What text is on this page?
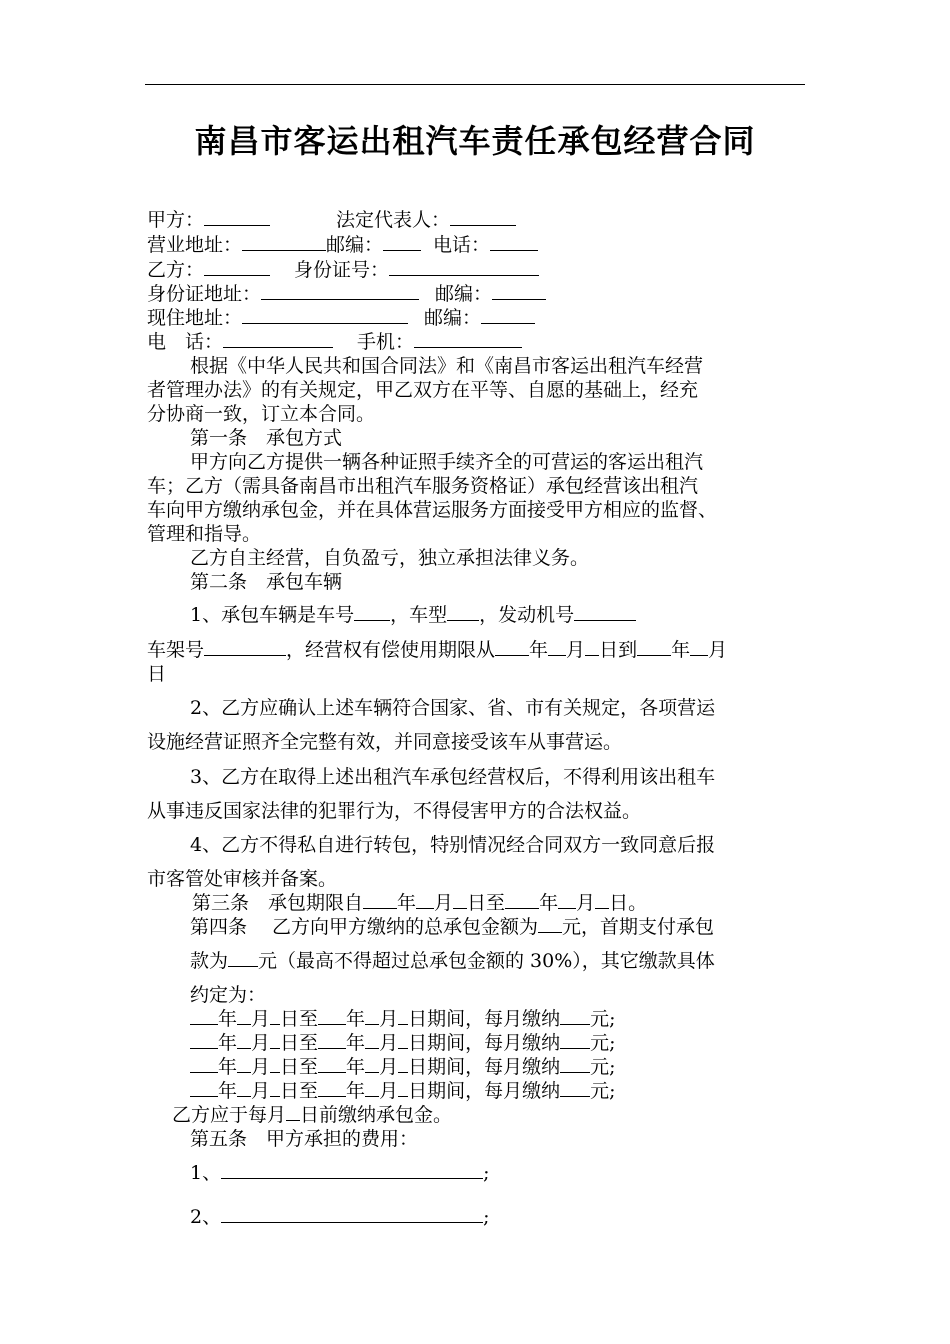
南昌市客运出租汽车责任承包经营合同
甲方：	法定代表人：
营业地址：	邮编：	电话：
乙方：	身份证号：
身份证地址：	邮编：
现住地址：	邮编：
电　话：	手机：
根据《中华人民共和国合同法》和《南昌市客运出租汽车经营
者管理办法》的有关规定，甲乙双方在平等、自愿的基础上，经充
分协商一致，订立本合同。
第一条　承包方式
甲方向乙方提供一辆各种证照手续齐全的可营运的客运出租汽
车；乙方（需具备南昌市出租汽车服务资格证）承包经营该出租汽
车向甲方缴纳承包金，并在具体营运服务方面接受甲方相应的监督、
管理和指导。
乙方自主经营，自负盈亏，独立承担法律义务。
第二条　承包车辆
1、承包车辆是车号 ，车型 ，发动机号
车架号	，经营权有偿使用期限从 年 月 日到 年 月
日
2、乙方应确认上述车辆符合国家、省、市有关规定，各项营运
设施经营证照齐全完整有效，并同意接受该车从事营运。
3、乙方在取得上述出租汽车承包经营权后，不得利用该出租车
从事违反国家法律的犯罪行为，不得侵害甲方的合法权益。
4、乙方不得私自进行转包，特别情况经合同双方一致同意后报
市客管处审核并备案。
第三条　承包期限自 年 月 日至 年 月 日。
第四条　 乙方向甲方缴纳的总承包金额为 元，首期支付承包
款为 元（最高不得超过总承包金额的 30%），其它缴款具体
约定为：
年 月 日至 年 月 日期间，每月缴纳 元;
年 月 日至 年 月 日期间，每月缴纳 元;
年 月 日至 年 月 日期间，每月缴纳 元;
年 月 日至 年 月 日期间，每月缴纳 元;
乙方应于每月 日前缴纳承包金。
第五条　甲方承担的费用：
1、	;
2、	;
